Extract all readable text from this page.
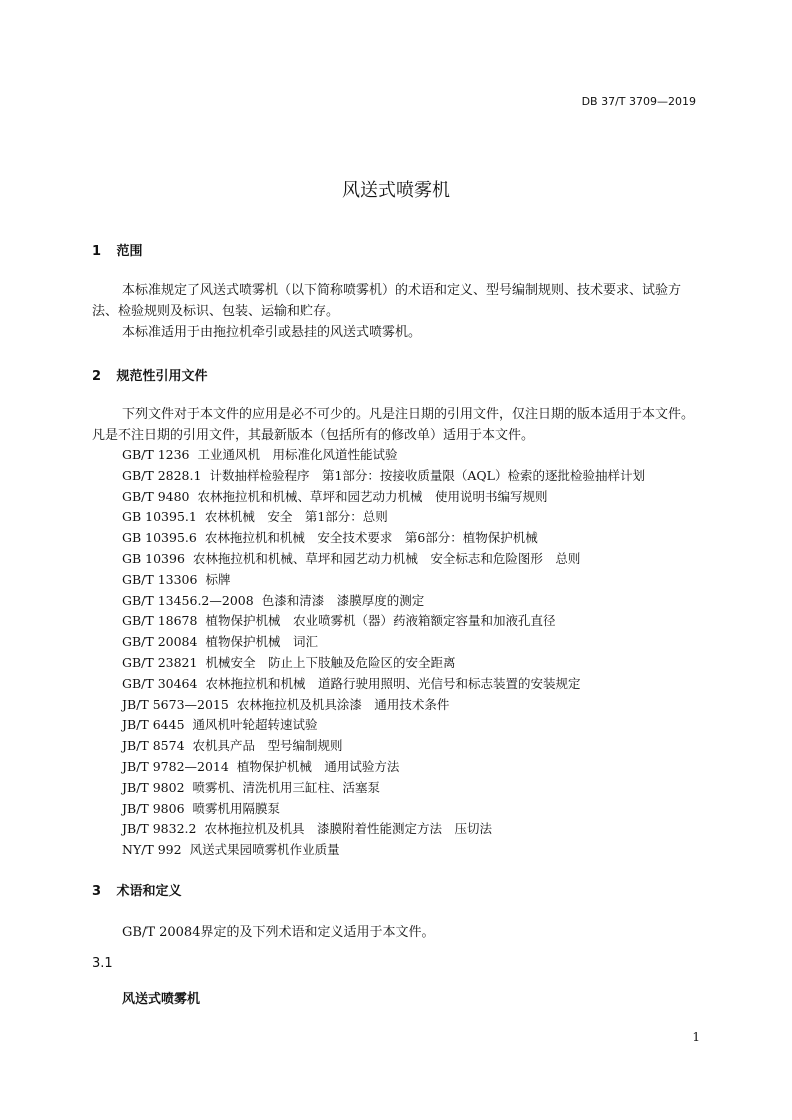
DB 37/T 3709—2019
风送式喷雾机
1 范围
本标准规定了风送式喷雾机（以下简称喷雾机）的术语和定义、型号编制规则、技术要求、试验方
法、检验规则及标识、包装、运输和贮存。
本标准适用于由拖拉机牵引或悬挂的风送式喷雾机。
2 规范性引用文件
下列文件对于本文件的应用是必不可少的。凡是注日期的引用文件，仅注日期的版本适用于本文件。
凡是不注日期的引用文件，其最新版本（包括所有的修改单）适用于本文件。
GB/T 1236 工业通风机　用标准化风道性能试验
GB/T 2828.1 计数抽样检验程序　第1部分：按接收质量限（AQL）检索的逐批检验抽样计划
GB/T 9480 农林拖拉机和机械、草坪和园艺动力机械　使用说明书编写规则
GB 10395.1 农林机械　安全　第1部分：总则
GB 10395.6 农林拖拉机和机械　安全技术要求　第6部分：植物保护机械
GB 10396 农林拖拉机和机械、草坪和园艺动力机械　安全标志和危险图形　总则
GB/T 13306 标牌
GB/T 13456.2—2008 色漆和清漆　漆膜厚度的测定
GB/T 18678 植物保护机械　农业喷雾机（器）药液箱额定容量和加液孔直径
GB/T 20084 植物保护机械　词汇
GB/T 23821 机械安全　防止上下肢触及危险区的安全距离
GB/T 30464 农林拖拉机和机械　道路行驶用照明、光信号和标志装置的安装规定
JB/T 5673—2015 农林拖拉机及机具涂漆　通用技术条件
JB/T 6445 通风机叶轮超转速试验
JB/T 8574 农机具产品　型号编制规则
JB/T 9782—2014 植物保护机械　通用试验方法
JB/T 9802 喷雾机、清洗机用三缸柱、活塞泵
JB/T 9806 喷雾机用隔膜泵
JB/T 9832.2 农林拖拉机及机具　漆膜附着性能测定方法　压切法
NY/T 992 风送式果园喷雾机作业质量
3 术语和定义
GB/T 20084界定的及下列术语和定义适用于本文件。
3.1
风送式喷雾机
1
